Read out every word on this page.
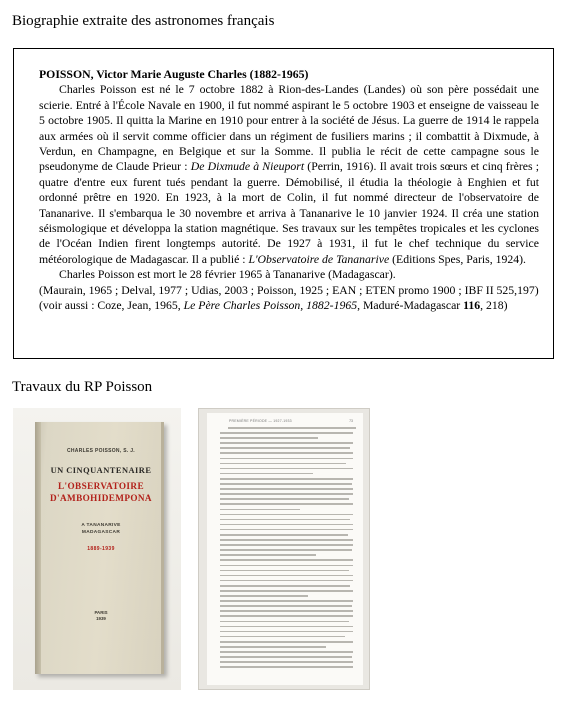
Biographie extraite des astronomes français

POISSON, Victor Marie Auguste Charles (1882-1965)

Charles Poisson est né le 7 octobre 1882 à Rion-des-Landes (Landes) où son père possédait une scierie. Entré à l'École Navale en 1900, il fut nommé aspirant le 5 octobre 1903 et enseigne de vaisseau le 5 octobre 1905. Il quitta la Marine en 1910 pour entrer à la société de Jésus. La guerre de 1914 le rappela aux armées où il servit comme officier dans un régiment de fusiliers marins ; il combattit à Dixmude, à Verdun, en Champagne, en Belgique et sur la Somme. Il publia le récit de cette campagne sous le pseudonyme de Claude Prieur : De Dixmude à Nieuport (Perrin, 1916). Il avait trois sœurs et cinq frères ; quatre d'entre eux furent tués pendant la guerre. Démobilisé, il étudia la théologie à Enghien et fut ordonné prêtre en 1920. En 1923, à la mort de Colin, il fut nommé directeur de l'observatoire de Tananarive. Il s'embarqua le 30 novembre et arriva à Tananarive le 10 janvier 1924. Il créa une station séismologique et développa la station magnétique. Ses travaux sur les tempêtes tropicales et les cyclones de l'Océan Indien firent longtemps autorité. De 1927 à 1931, il fut le chef technique du service météorologique de Madagascar. Il a publié : L'Observatoire de Tananarive (Editions Spes, Paris, 1924).

Charles Poisson est mort le 28 février 1965 à Tananarive (Madagascar).

(Maurain, 1965 ; Delval, 1977 ; Udias, 2003 ; Poisson, 1925 ; EAN ; ETEN promo 1900 ; IBF II 525,197)

(voir aussi : Coze, Jean, 1965, Le Père Charles Poisson, 1882-1965, Maduré-Madagascar 116, 218)

Travaux du RP Poisson
CHARLES POISSON, S. J.
UN CINQUANTENAIRE
L'OBSERVATOIRE
D'AMBOHIDEMPONA
A TANANARIVE
MADAGASCAR
1889-1939
PARIS
1939
PREMIÈRE PÉRIODE — 1927-1933	73
